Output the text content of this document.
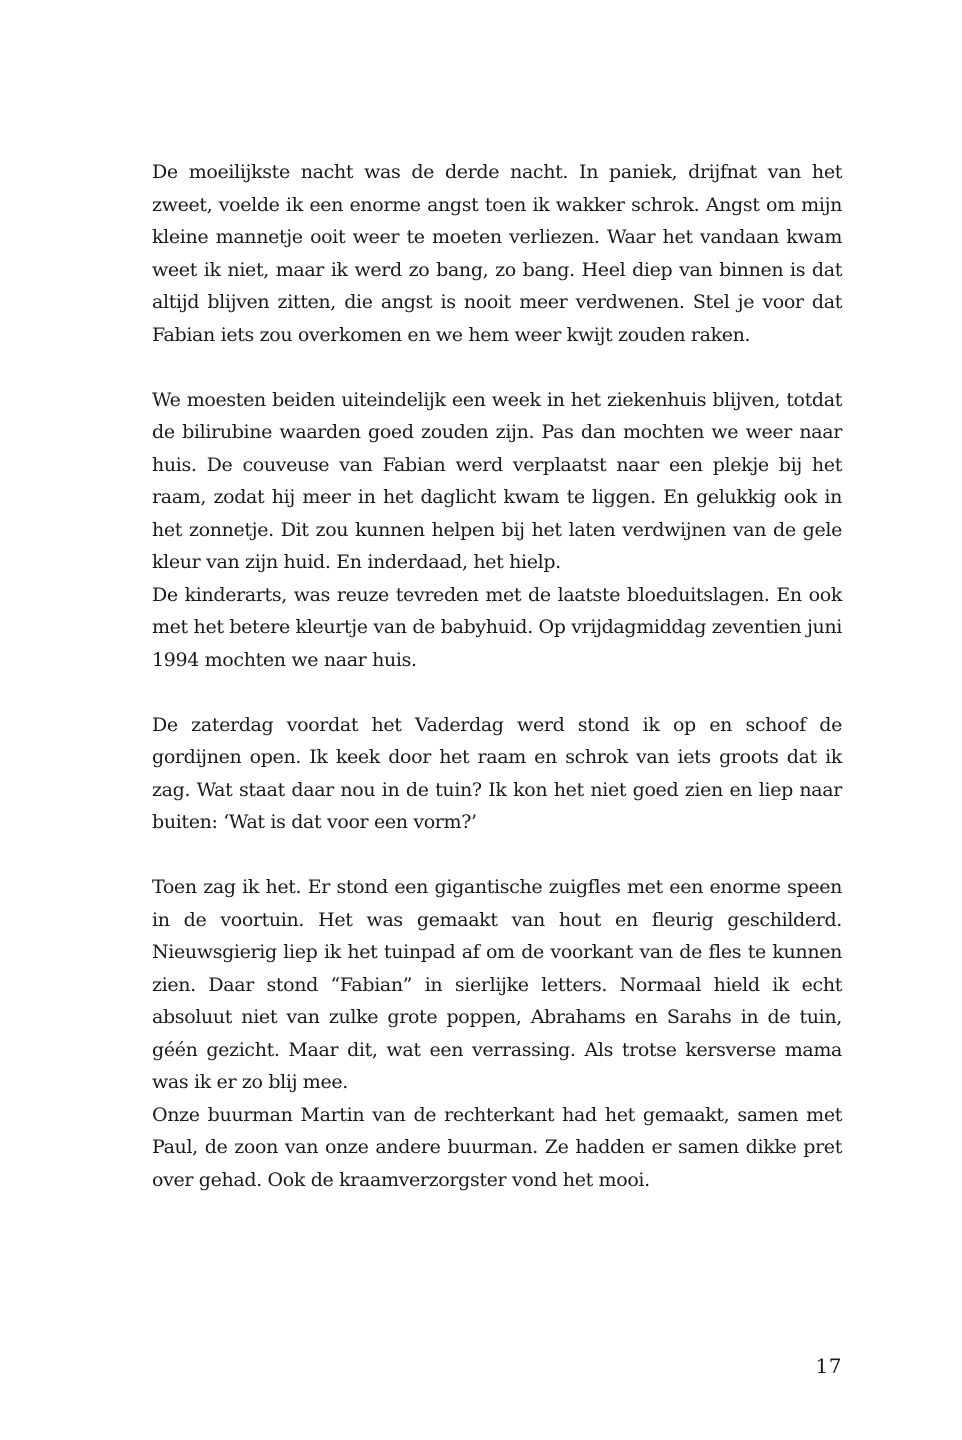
De moeilijkste nacht was de derde nacht. In paniek, drijfnat van het zweet, voelde ik een enorme angst toen ik wakker schrok. Angst om mijn kleine mannetje ooit weer te moeten verliezen. Waar het vandaan kwam weet ik niet, maar ik werd zo bang, zo bang. Heel diep van binnen is dat altijd blijven zitten, die angst is nooit meer verdwenen. Stel je voor dat Fabian iets zou overkomen en we hem weer kwijt zouden raken.

We moesten beiden uiteindelijk een week in het ziekenhuis blijven, totdat de bilirubine waarden goed zouden zijn. Pas dan mochten we weer naar huis. De couveuse van Fabian werd verplaatst naar een plekje bij het raam, zodat hij meer in het daglicht kwam te liggen. En gelukkig ook in het zonnetje. Dit zou kunnen helpen bij het laten verdwijnen van de gele kleur van zijn huid. En inderdaad, het hielp.

De kinderarts, was reuze tevreden met de laatste bloeduitslagen. En ook met het betere kleurtje van de babyhuid. Op vrijdagmiddag zeventien juni 1994 mochten we naar huis.

De zaterdag voordat het Vaderdag werd stond ik op en schoof de gordijnen open. Ik keek door het raam en schrok van iets groots dat ik zag. Wat staat daar nou in de tuin? Ik kon het niet goed zien en liep naar buiten: ‘Wat is dat voor een vorm?’

Toen zag ik het. Er stond een gigantische zuigfles met een enorme speen in de voortuin. Het was gemaakt van hout en fleurig geschilderd. Nieuwsgierig liep ik het tuinpad af om de voorkant van de fles te kunnen zien. Daar stond “Fabian” in sierlijke letters. Normaal hield ik echt absoluut niet van zulke grote poppen, Abrahams en Sarahs in de tuin, géén gezicht. Maar dit, wat een verrassing. Als trotse kersverse mama was ik er zo blij mee.

Onze buurman Martin van de rechterkant had het gemaakt, samen met Paul, de zoon van onze andere buurman. Ze hadden er samen dikke pret over gehad. Ook de kraamverzorgster vond het mooi.

17
